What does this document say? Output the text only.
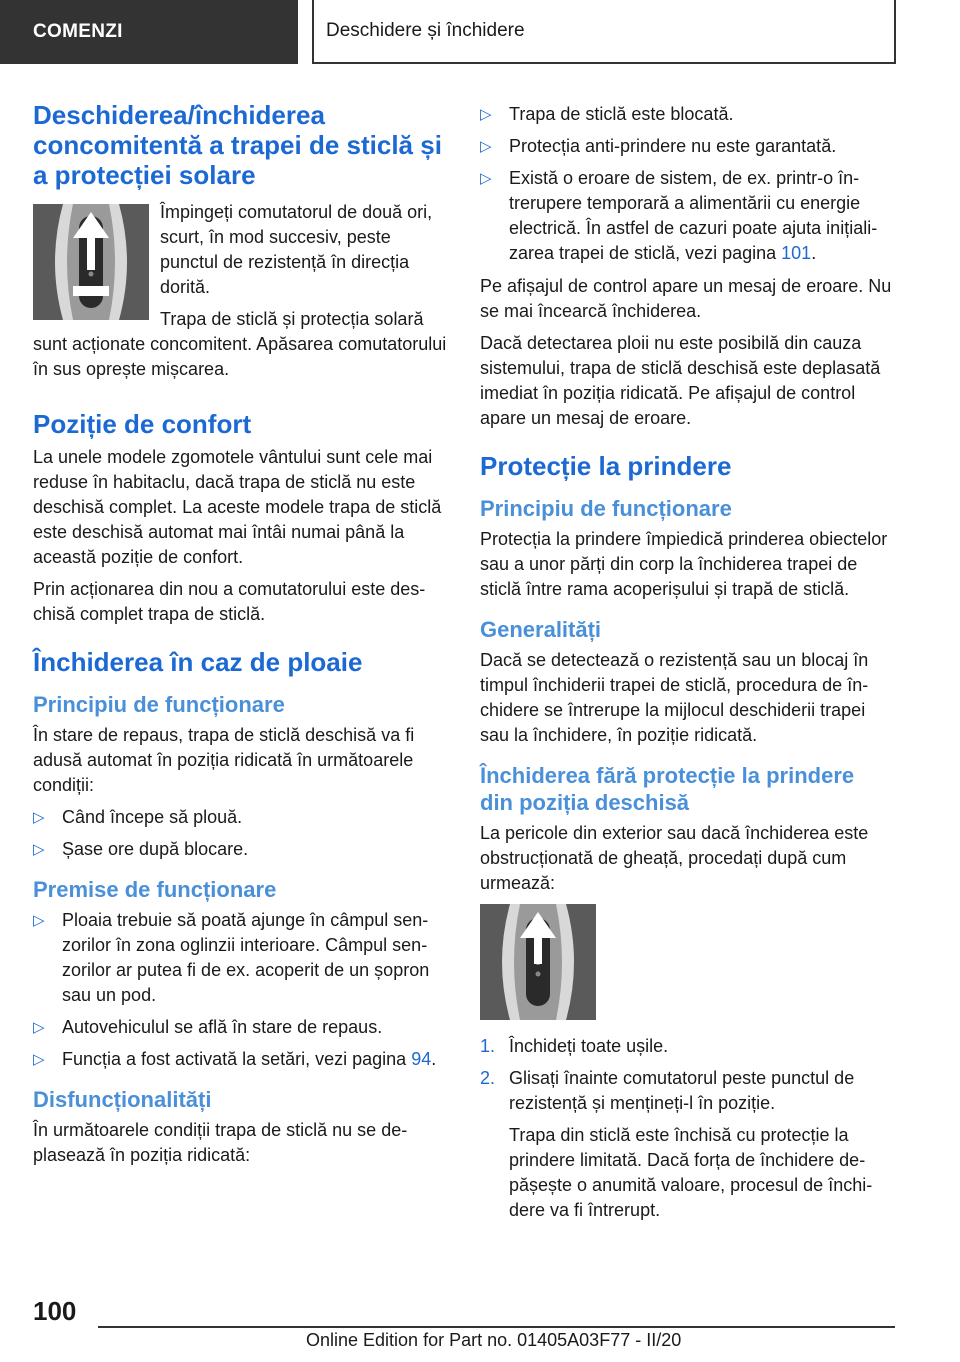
COMENZI	Deschidere și închidere
Deschiderea/închiderea concomitentă a trapei de sticlă și a protecției solare

Împingeți comutatorul de două ori, scurt, în mod succesiv, peste punctul de rezistență în direcția dorită.

Trapa de sticlă și protecția solară sunt acționate concomitent. Apăsarea comutatorului în sus oprește mișcarea.

Poziție de confort

La unele modele zgomotele vântului sunt cele mai reduse în habitaclu, dacă trapa de sticlă nu este deschisă complet. La aceste modele trapa de sticlă este deschisă automat mai întâi numai până la această poziție de confort.

Prin acționarea din nou a comutatorului este deschisă complet trapa de sticlă.

Închiderea în caz de ploaie
Principiu de funcționare

În stare de repaus, trapa de sticlă deschisă va fi adusă automat în poziția ridicată în următoarele condiții:

▷ Când începe să plouă.
▷ Șase ore după blocare.
Premise de funcționare
▷ Ploaia trebuie să poată ajunge în câmpul senzorilor în zona oglinzii interioare. Câmpul senzorilor ar putea fi de ex. acoperit de un șopron sau un pod.
▷ Autovehiculul se află în stare de repaus.
▷ Funcția a fost activată la setări, vezi pagina 94.
Disfuncționalități

În următoarele condiții trapa de sticlă nu se deplasează în poziția ridicată:

▷ Trapa de sticlă este blocată.
▷ Protecția anti-prindere nu este garantată.
▷ Există o eroare de sistem, de ex. printr-o întrerupere temporară a alimentării cu energie electrică. În astfel de cazuri poate ajuta inițializarea trapei de sticlă, vezi pagina 101.

Pe afișajul de control apare un mesaj de eroare. Nu se mai încearcă închiderea.

Dacă detectarea ploii nu este posibilă din cauza sistemului, trapa de sticlă deschisă este deplasată imediat în poziția ridicată. Pe afișajul de control apare un mesaj de eroare.

Protecție la prindere
Principiu de funcționare

Protecția la prindere împiedică prinderea obiectelor sau a unor părți din corp la închiderea trapei de sticlă între rama acoperișului și trapă de sticlă.

Generalități

Dacă se detectează o rezistență sau un blocaj în timpul închiderii trapei de sticlă, procedura de închidere se întrerupe la mijlocul deschiderii trapei sau la închidere, în poziție ridicată.

Închiderea fără protecție la prindere din poziția deschisă

La pericole din exterior sau dacă închiderea este obstrucționată de gheață, procedați după cum urmează:

1. Închideți toate ușile.
2. Glisați înainte comutatorul peste punctul de rezistență și mențineți-l în poziție.

Trapa din sticlă este închisă cu protecție la prindere limitată. Dacă forța de închidere depășește o anumită valoare, procesul de închidere va fi întrerupt.

100
Online Edition for Part no. 01405A03F77 - II/20
